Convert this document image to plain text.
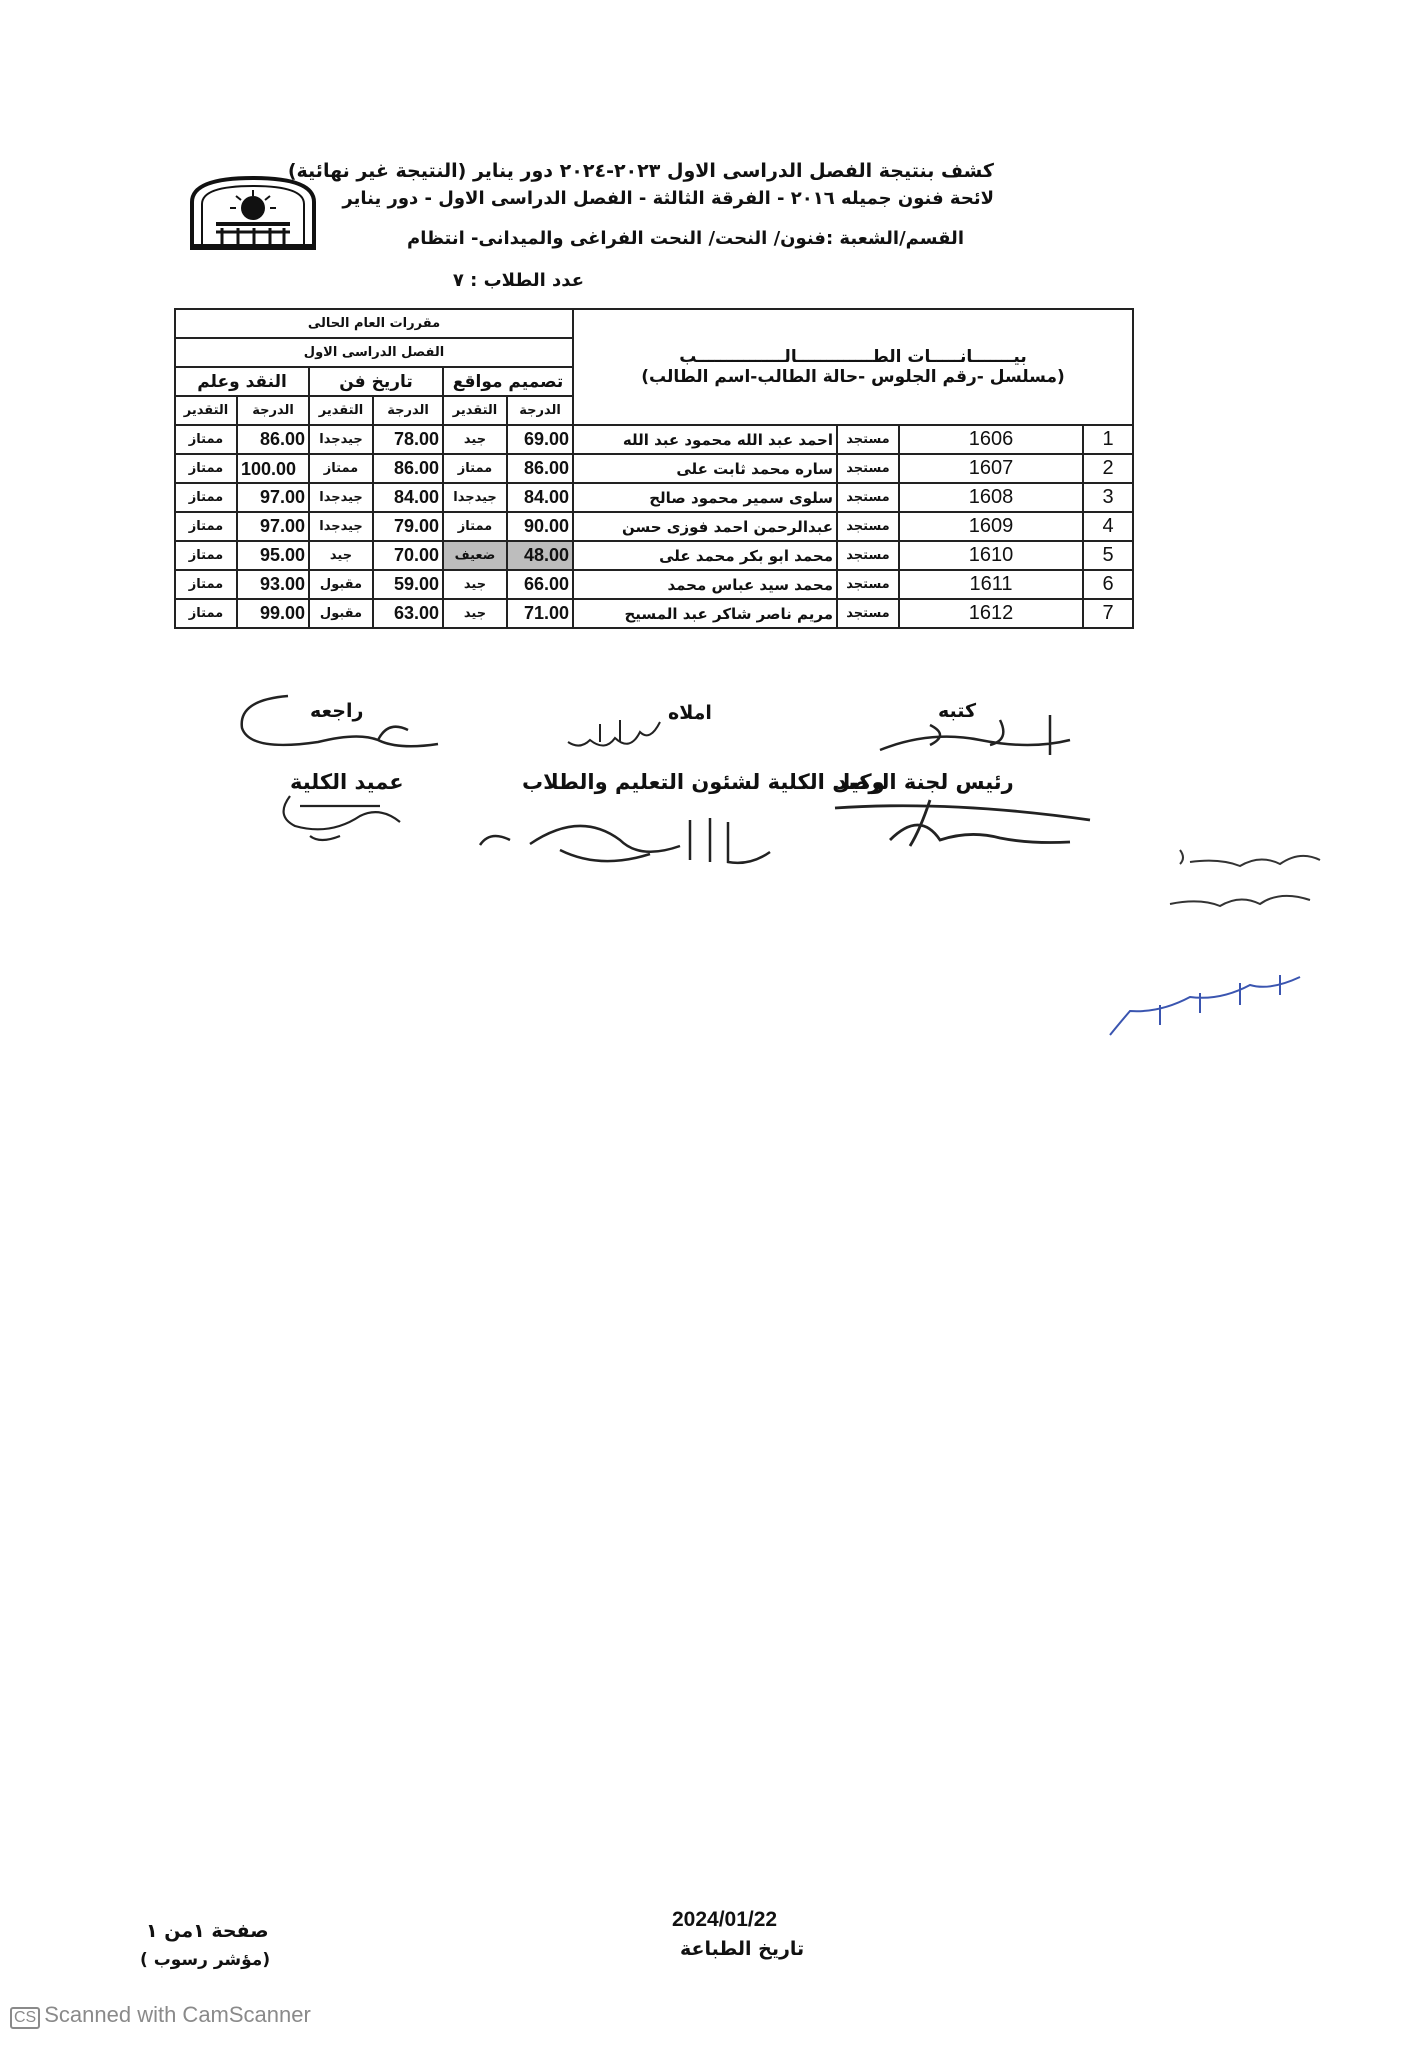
كشف بنتيجة الفصل الدراسى الاول ٢٠٢٣-٢٠٢٤ دور يناير (النتيجة غير نهائية)
لائحة فنون جميله ٢٠١٦ - الفرقة الثالثة - الفصل الدراسى الاول - دور يناير
القسم/الشعبة :فنون/ النحت/ النحت الفراغى والميدانى- انتظام
عدد الطلاب : ٧
مقررات العام الحالى						بيـــــــانـــــات الطـــــــــــــالـــــــــــــــب
(مسلسل -رقم الجلوس -حالة الطالب-اسم الطالب)			

الفصل الدراسى الاول									
النقد وعلم		تاريخ فن		تصميم مواقع					
التقدير	الدرجة	التقدير	الدرجة	التقدير	الدرجة				
ممتاز	86.00	جيدجدا	78.00	جيد	69.00	احمد عبد الله محمود عبد الله	مستجد	1606	1
ممتاز	100.00	ممتاز	86.00	ممتاز	86.00	ساره محمد ثابت على	مستجد	1607	2
ممتاز	97.00	جيدجدا	84.00	جيدجدا	84.00	سلوى سمير محمود صالح	مستجد	1608	3
ممتاز	97.00	جيدجدا	79.00	ممتاز	90.00	عبدالرحمن احمد فوزى حسن	مستجد	1609	4
ممتاز	95.00	جيد	70.00	ضعيف	48.00	محمد ابو بكر محمد على	مستجد	1610	5
ممتاز	93.00	مقبول	59.00	جيد	66.00	محمد سيد عباس محمد	مستجد	1611	6
ممتاز	99.00	مقبول	63.00	جيد	71.00	مريم ناصر شاكر عبد المسيح	مستجد	1612	7
راجعه	املاه	كتبه
عميد الكلية	وكيل الكلية لشئون التعليم والطلاب
رئيس لجنة الرصد
صفحة ١من ١
(مؤشر رسوب )
2024/01/22
تاريخ الطباعة
CS Scanned with CamScanner
